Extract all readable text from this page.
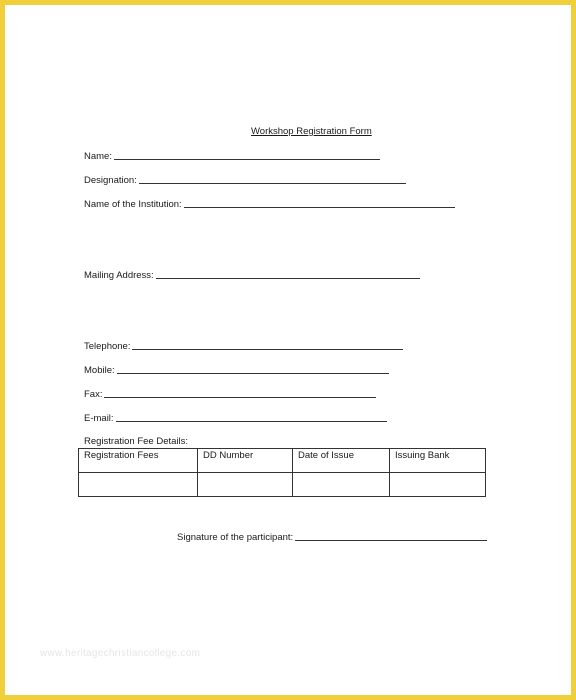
Workshop Registration Form
Name:
Designation:
Name of the Institution:
Mailing Address:
Telephone:
Mobile:
Fax:
E-mail:
Registration Fee Details:
Registration Fees	DD Number	Date of Issue	Issuing Bank

Signature of the participant:
www.heritagechristiancollege.com
